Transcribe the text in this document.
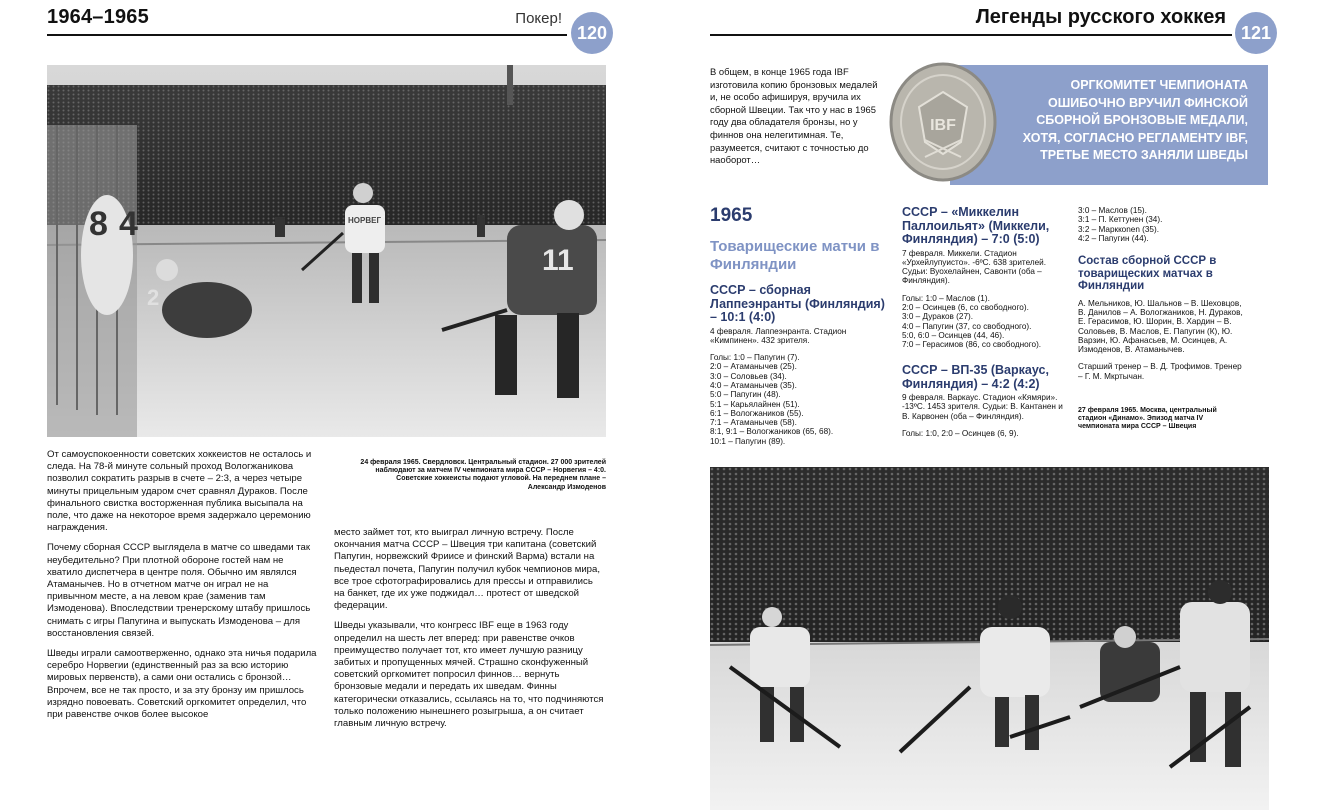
1964–1965	Покер!
120
8 4
2
НОРВЕГ
11
24 февраля 1965. Свердловск. Центральный стадион. 27 000 зрителей наблюдают за матчем IV чемпионата мира СССР – Норвегия – 4:0. Советские хоккеисты подают угловой. На переднем плане – Александр Измоденов

От самоуспокоенности советских хоккеистов не осталось и следа. На 78-й минуте сольный проход Вологжаникова позволил сократить разрыв в счете – 2:3, а через четыре минуты прицельным ударом счет сравнял Дураков. После финального свистка восторженная публика высыпала на поле, что даже на некоторое время задержало церемонию награждения.

Почему сборная СССР выглядела в матче со шведами так неубедительно? При плотной обороне гостей нам не хватило диспетчера в центре поля. Обычно им являлся Атаманычев. Но в отчетном матче он играл не на привычном месте, а на левом крае (заменив там Измоденова). Впоследствии тренерскому штабу пришлось снимать с игры Папугина и выпускать Измоденова – для восстановления связей.

Шведы играли самоотверженно, однако эта ничья подарила серебро Норвегии (единственный раз за всю историю мировых первенств), а сами они остались с бронзой… Впрочем, все не так просто, и за эту бронзу им пришлось изрядно повоевать. Советский оргкомитет определил, что при равенстве очков более высокое

место займет тот, кто выиграл личную встречу. После окончания матча СССР – Швеция три капитана (советский Папугин, норвежский Фриисе и финский Варма) встали на пьедестал почета, Папугин получил кубок чемпионов мира, все трое сфотографировались для прессы и отправились на банкет, где их уже поджидал… протест от шведской федерации.

Шведы указывали, что конгресс IBF еще в 1963 году определил на шесть лет вперед: при равенстве очков преимущество получает тот, кто имеет лучшую разницу забитых и пропущенных мячей. Страшно сконфуженный советский оргкомитет попросил финнов… вернуть бронзовые медали и передать их шведам. Финны категорически отказались, ссылаясь на то, что подчиняются только положению нынешнего розыгрыша, а он считает главным личную встречу.

Легенды русского хоккея
121
В общем, в конце 1965 года IBF изготовила копию бронзовых медалей и, не особо афишируя, вручила их сборной Швеции. Так что у нас в 1965 году два обладателя бронзы, но у финнов она нелегитимная. Те, разумеется, считают с точностью до наоборот…
ОРГКОМИТЕТ ЧЕМПИОНАТА ОШИБОЧНО ВРУЧИЛ ФИНСКОЙ СБОРНОЙ БРОНЗОВЫЕ МЕДАЛИ, ХОТЯ, СОГЛАСНО РЕГЛАМЕНТУ IBF, ТРЕТЬЕ МЕСТО ЗАНЯЛИ ШВЕДЫ
IBF
1965
Товарищеские матчи в Финляндии
СССР – сборная Лаппеэнранты (Финляндия) – 10:1 (4:0)
4 февраля. Лаппеэнранта. Стадион «Кимпинен». 432 зрителя.
Голы: 1:0 – Папугин (7).
2:0 – Атаманычев (25).
3:0 – Соловьев (34).
4:0 – Атаманычев (35).
5:0 – Папугин (48).
5:1 – Карьялайнен (51).
6:1 – Вологжаников (55).
7:1 – Атаманычев (58).
8:1, 9:1 – Вологжаников (65, 68).
10:1 – Папугин (89).
СССР – «Миккелин Паллоильят» (Миккели, Финляндия) – 7:0 (5:0)
7 февраля. Миккели. Стадион «Урхейлупуисто». -6ºС. 638 зрителей. Судьи: Вуохелайнен, Савонти (оба – Финляндия).
Голы: 1:0 – Маслов (1).
2:0 – Осинцев (6, со свободного).
3:0 – Дураков (27).
4:0 – Папугин (37, со свободного).
5:0, 6:0 – Осинцев (44, 46).
7:0 – Герасимов (86, со свободного).
СССР – ВП-35 (Варкаус, Финляндия) – 4:2 (4:2)
9 февраля. Варкаус. Стадион «Кямяри». -13ºС. 1453 зрителя. Судьи: В. Кантанен и В. Карвонен (оба – Финляндия).
Голы: 1:0, 2:0 – Осинцев (6, 9).
3:0 – Маслов (15).
3:1 – П. Кеттунен (34).
3:2 – Марккonen (35).
4:2 – Папугин (44).
Состав сборной СССР в товарищеских матчах в Финляндии
А. Мельников, Ю. Шальнов – В. Шеховцов, В. Данилов – А. Вологжаников, Н. Дураков, Е. Герасимов, Ю. Шорин, В. Хардин – В. Соловьев, В. Маслов, Е. Папугин (К), Ю. Варзин, Ю. Афанасьев, М. Осинцев, А. Измоденов, В. Атаманычев.
Старший тренер – В. Д. Трофимов. Тренер – Г. М. Мкртычан.
27 февраля 1965. Москва, центральный стадион «Динамо». Эпизод матча IV чемпионата мира СССР – Швеция
